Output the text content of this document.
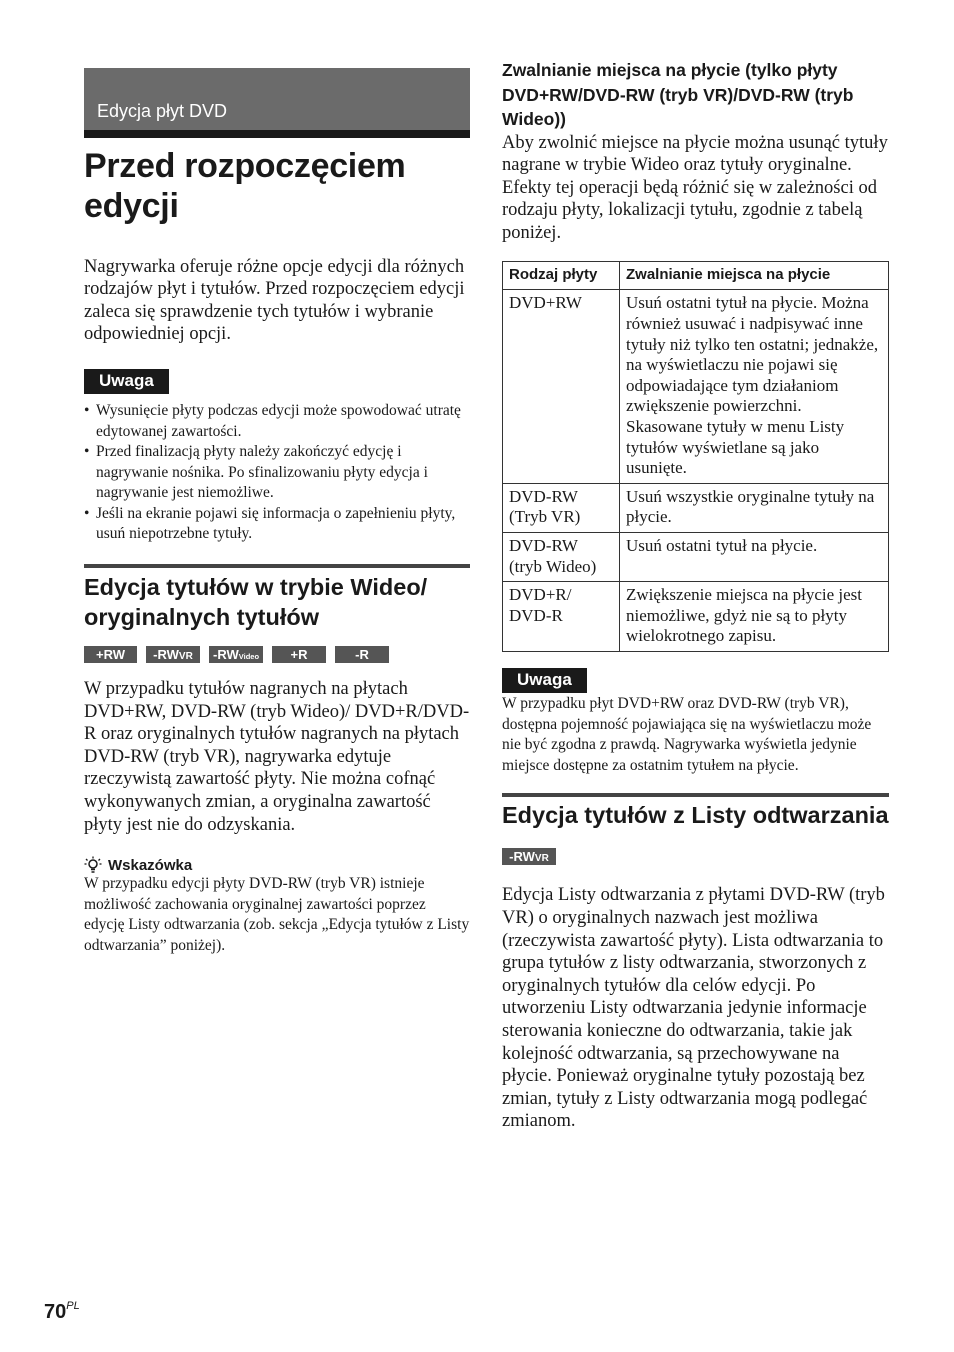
Edycja płyt DVD
Przed rozpoczęciem edycji

Nagrywarka oferuje różne opcje edycji dla różnych rodzajów płyt i tytułów. Przed rozpoczęciem edycji zaleca się sprawdzenie tych tytułów i wybranie odpowiedniej opcji.

Uwaga
• Wysunięcie płyty podczas edycji może spowodować utratę edytowanej zawartości.
• Przed finalizacją płyty należy zakończyć edycję i nagrywanie nośnika. Po sfinalizowaniu płyty edycja i nagrywanie jest niemożliwe.
• Jeśli na ekranie pojawi się informacja o zapełnieniu płyty, usuń niepotrzebne tytuły.
Edycja tytułów w trybie Wideo/ oryginalnych tytułów
+RW	-RWVR	-RWVideo	+R	-R

W przypadku tytułów nagranych na płytach DVD+RW, DVD-RW (tryb Wideo)/ DVD+R/DVD-R oraz oryginalnych tytułów nagranych na płytach DVD-RW (tryb VR), nagrywarka edytuje rzeczywistą zawartość płyty. Nie można cofnąć wykonywanych zmian, a oryginalna zawartość płyty jest nie do odzyskania.

Wskazówka

W przypadku edycji płyty DVD-RW (tryb VR) istnieje możliwość zachowania oryginalnej zawartości poprzez edycję Listy odtwarzania (zob. sekcja „Edycja tytułów z Listy odtwarzania” poniżej).

Zwalnianie miejsca na płycie (tylko płyty DVD+RW/DVD-RW (tryb VR)/DVD-RW (tryb Wideo))

Aby zwolnić miejsce na płycie można usunąć tytuły nagrane w trybie Wideo oraz tytuły oryginalne. Efekty tej operacji będą różnić się w zależności od rodzaju płyty, lokalizacji tytułu, zgodnie z tabelą poniżej.

Rodzaj płyty	Zwalnianie miejsca na płycie
DVD+RW	Usuń ostatni tytuł na płycie. Można również usuwać i nadpisywać inne tytuły niż tylko ten ostatni; jednakże, na wyświetlaczu nie pojawi się odpowiadające tym działaniom zwiększenie powierzchni. Skasowane tytuły w menu Listy tytułów wyświetlane są jako usunięte.
DVD-RW (Tryb VR)	Usuń wszystkie oryginalne tytuły na płycie.
DVD-RW (tryb Wideo)	Usuń ostatni tytuł na płycie.
DVD+R/ DVD-R	Zwiększenie miejsca na płycie jest niemożliwe, gdyż nie są to płyty wielokrotnego zapisu.
Uwaga

W przypadku płyt DVD+RW oraz DVD-RW (tryb VR), dostępna pojemność pojawiająca się na wyświetlaczu może nie być zgodna z prawdą. Nagrywarka wyświetla jedynie miejsce dostępne za ostatnim tytułem na płycie.

Edycja tytułów z Listy odtwarzania
-RWVR

Edycja Listy odtwarzania z płytami DVD-RW (tryb VR) o oryginalnych nazwach jest możliwa (rzeczywista zawartość płyty). Lista odtwarzania to grupa tytułów z listy odtwarzania, stworzonych z oryginalnych tytułów dla celów edycji. Po utworzeniu Listy odtwarzania jedynie informacje sterowania konieczne do odtwarzania, takie jak kolejność odtwarzania, są przechowywane na płycie. Ponieważ oryginalne tytuły pozostają bez zmian, tytuły z Listy odtwarzania mogą podlegać zmianom.

$70^{PL}$
